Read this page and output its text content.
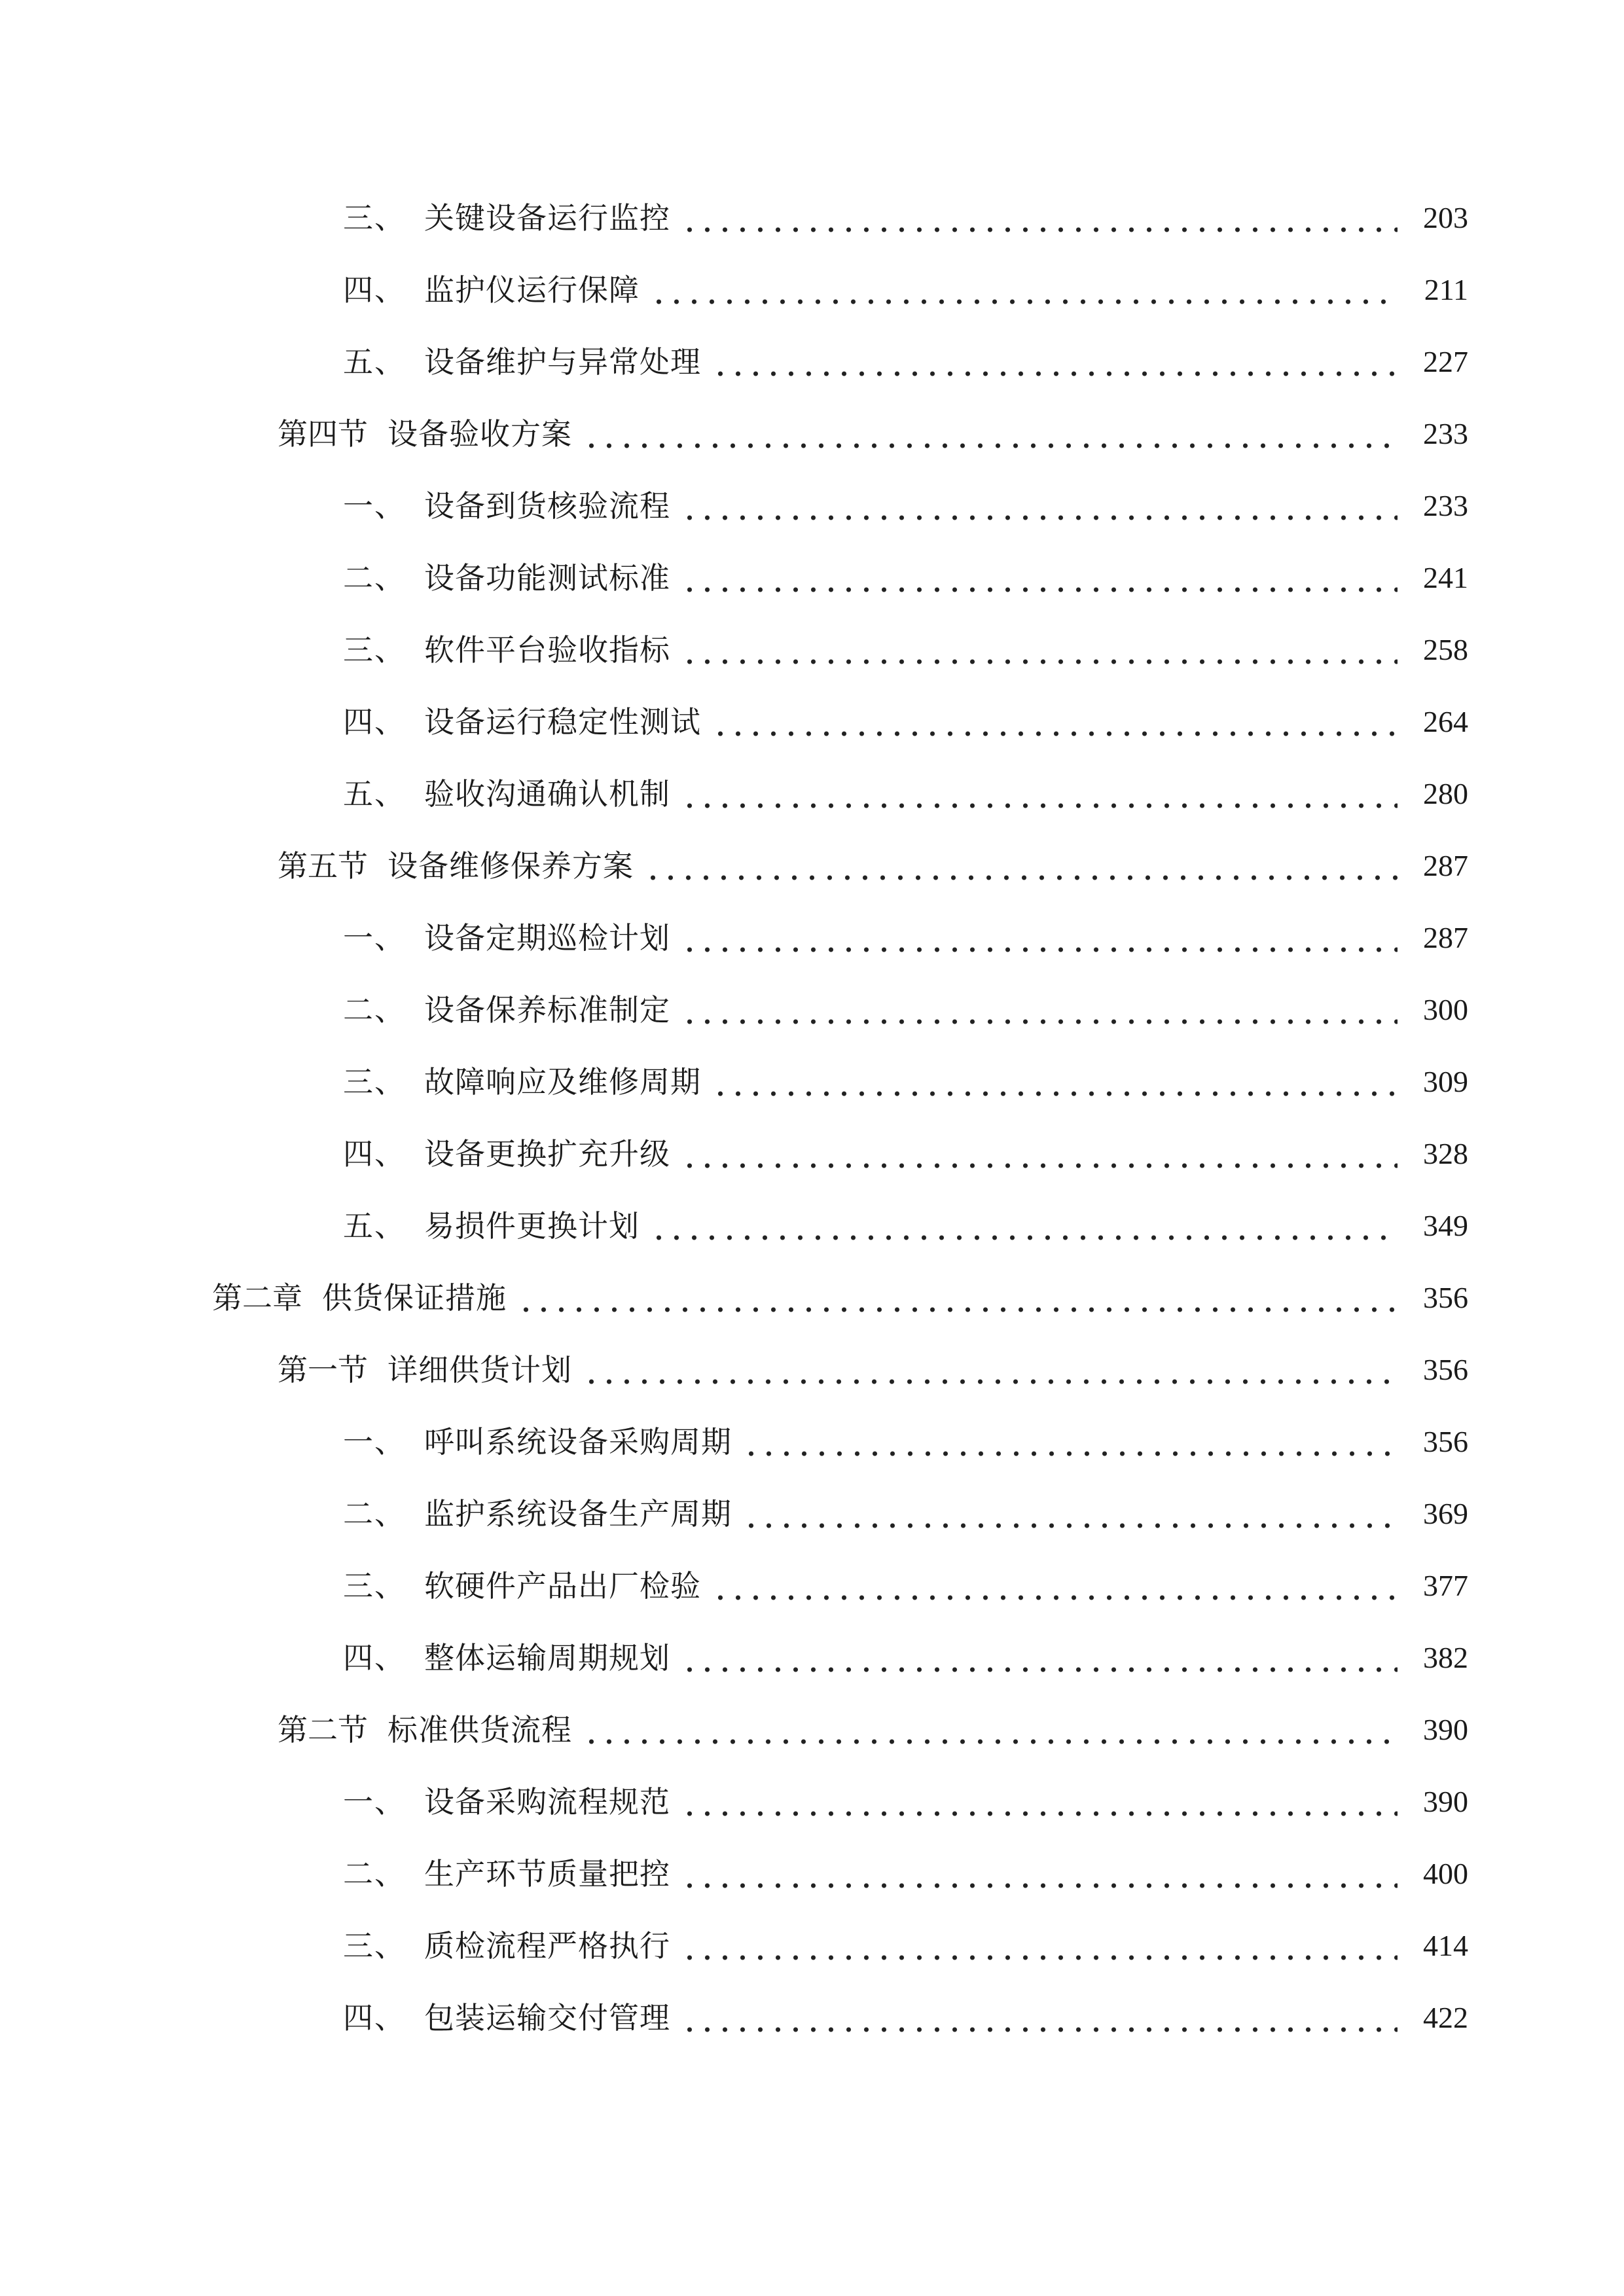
三、 关键设备运行监控	203
四、 监护仪运行保障	211
五、 设备维护与异常处理	227
第四节 设备验收方案	233
一、 设备到货核验流程	233
二、 设备功能测试标准	241
三、 软件平台验收指标	258
四、 设备运行稳定性测试	264
五、 验收沟通确认机制	280
第五节 设备维修保养方案	287
一、 设备定期巡检计划	287
二、 设备保养标准制定	300
三、 故障响应及维修周期	309
四、 设备更换扩充升级	328
五、 易损件更换计划	349
第二章 供货保证措施	356
第一节 详细供货计划	356
一、 呼叫系统设备采购周期	356
二、 监护系统设备生产周期	369
三、 软硬件产品出厂检验	377
四、 整体运输周期规划	382
第二节 标准供货流程	390
一、 设备采购流程规范	390
二、 生产环节质量把控	400
三、 质检流程严格执行	414
四、 包装运输交付管理	422
